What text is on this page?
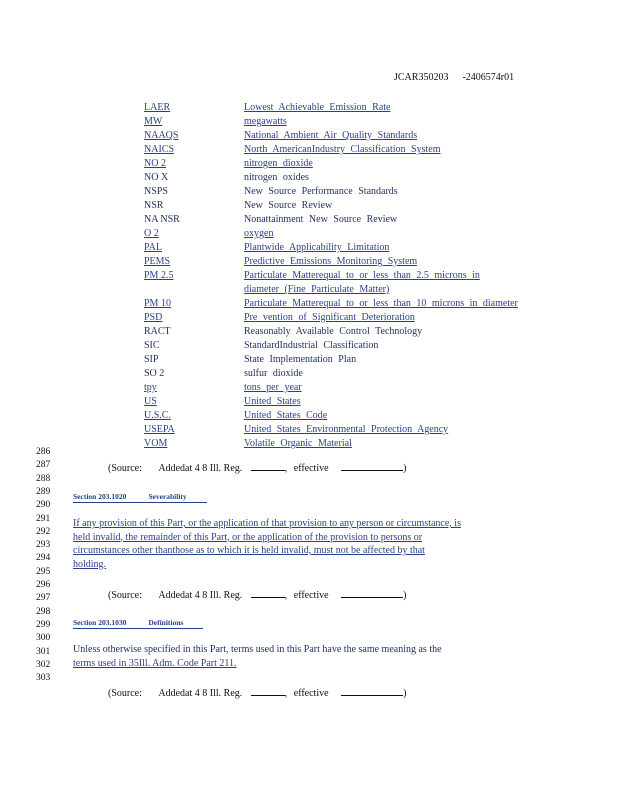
JCAR350203 -2406574r01
LAER	Lowest Achievable Emission Rate
MW	megawatts
NAAQS	National Ambient Air Quality Standards
NAICS	North AmericanIndustry Classification System
NO 2	nitrogen dioxide
NO X	nitrogen oxides
NSPS	New Source Performance Standards
NSR	New Source Review
NA NSR	Nonattainment New Source Review
O 2	oxygen
PAL	Plantwide Applicability Limitation
PEMS	Predictive Emissions Monitoring System
PM 2.5	Particulate Matterequal to or less than 2.5 microns in
diameter (Fine Particulate Matter)
PM 10	Particulate Matterequal to or less than 10 microns in diameter
PSD	Pre vention of Significant Deterioration
RACT	Reasonably Available Control Technology
SIC	StandardIndustrial Classification
SIP	State Implementation Plan
SO 2	sulfur dioxide
tpy	tons per year
US	United States
U.S.C.	United States Code
USEPA	United States Environmental Protection Agency
VOM	Volatile Organic Material
286
287
288
289
290
291
292
293
294
295
296
297
298
299
300
301
302
303
(Source: Addedat 4 8 Ill. Reg.	, effective	)
Section 203.1020	Severability
If any provision of this Part, or the application of that provision to any person or circumstance, is
held invalid, the remainder of this Part, or the application of the provision to persons or
circumstances other thanthose as to which it is held invalid, must not be affected by that
holding.
(Source: Addedat 4 8 Ill. Reg.	, effective	)
Section 203.1030	Definitions
Unless otherwise specified in this Part, terms used in this Part have the same meaning as the
terms used in 35Ill. Adm. Code Part 211.
(Source: Addedat 4 8 Ill. Reg.	, effective	)
